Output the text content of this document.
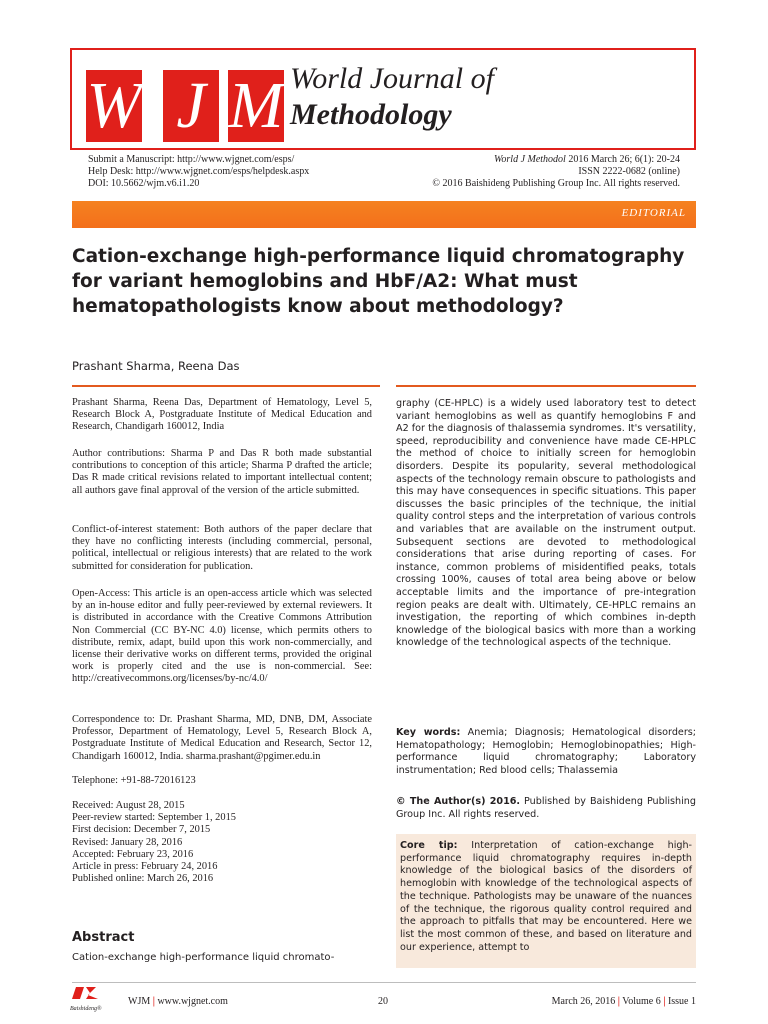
W J M World Journal of
Methodology
Submit a Manuscript: http://www.wjgnet.com/esps/
Help Desk: http://www.wjgnet.com/esps/helpdesk.aspx
DOI: 10.5662/wjm.v6.i1.20
World J Methodol 2016 March 26; 6(1): 20-24
ISSN 2222-0682 (online)
© 2016 Baishideng Publishing Group Inc. All rights reserved.
EDITORIAL
Cation-exchange high-performance liquid chromatography for variant hemoglobins and HbF/A2: What must hematopathologists know about methodology?
Prashant Sharma, Reena Das
Prashant Sharma, Reena Das, Department of Hematology, Level 5, Research Block A, Postgraduate Institute of Medical Education and Research, Chandigarh 160012, India
Author contributions: Sharma P and Das R both made substantial contributions to conception of this article; Sharma P drafted the article; Das R made critical revisions related to important intellectual content; all authors gave final approval of the version of the article submitted.
Conflict-of-interest statement: Both authors of the paper declare that they have no conflicting interests (including commercial, personal, political, intellectual or religious interests) that are related to the work submitted for consideration for publication.
Open-Access: This article is an open-access article which was selected by an in-house editor and fully peer-reviewed by external reviewers. It is distributed in accordance with the Creative Commons Attribution Non Commercial (CC BY-NC 4.0) license, which permits others to distribute, remix, adapt, build upon this work non-commercially, and license their derivative works on different terms, provided the original work is properly cited and the use is non-commercial. See: http://creativecommons.org/licenses/by-nc/4.0/
Correspondence to: Dr. Prashant Sharma, MD, DNB, DM, Associate Professor, Department of Hematology, Level 5, Research Block A, Postgraduate Institute of Medical Education and Research, Sector 12, Chandigarh 160012, India. sharma.prashant@pgimer.edu.in
Telephone: +91-88-72016123
Received: August 28, 2015
Peer-review started: September 1, 2015
First decision: December 7, 2015
Revised: January 28, 2016
Accepted: February 23, 2016
Article in press: February 24, 2016
Published online: March 26, 2016
Abstract
Cation-exchange high-performance liquid chromato-
graphy (CE-HPLC) is a widely used laboratory test to detect variant hemoglobins as well as quantify hemoglobins F and A2 for the diagnosis of thalassemia syndromes. It's versatility, speed, reproducibility and convenience have made CE-HPLC the method of choice to initially screen for hemoglobin disorders. Despite its popularity, several methodological aspects of the technology remain obscure to pathologists and this may have consequences in specific situations. This paper discusses the basic principles of the technique, the initial quality control steps and the interpretation of various controls and variables that are available on the instrument output. Subsequent sections are devoted to methodological considerations that arise during reporting of cases. For instance, common problems of misidentified peaks, totals crossing 100%, causes of total area being above or below acceptable limits and the importance of pre-integration region peaks are dealt with. Ultimately, CE-HPLC remains an investigation, the reporting of which combines in-depth knowledge of the biological basics with more than a working knowledge of the technological aspects of the technique.
Key words: Anemia; Diagnosis; Hematological disorders; Hematopathology; Hemoglobin; Hemoglobinopathies; High-performance liquid chromatography; Laboratory instrumentation; Red blood cells; Thalassemia
© The Author(s) 2016. Published by Baishideng Publishing Group Inc. All rights reserved.
Core tip: Interpretation of cation-exchange high-performance liquid chromatography requires in-depth knowledge of the biological basics of the disorders of hemoglobin with knowledge of the technological aspects of the technique. Pathologists may be unaware of the nuances of the technique, the rigorous quality control required and the approach to pitfalls that may be encountered. Here we list the most common of these, and based on literature and our experience, attempt to
Baishideng®
WJM | www.wjgnet.com	20	March 26, 2016 | Volume 6 | Issue 1
